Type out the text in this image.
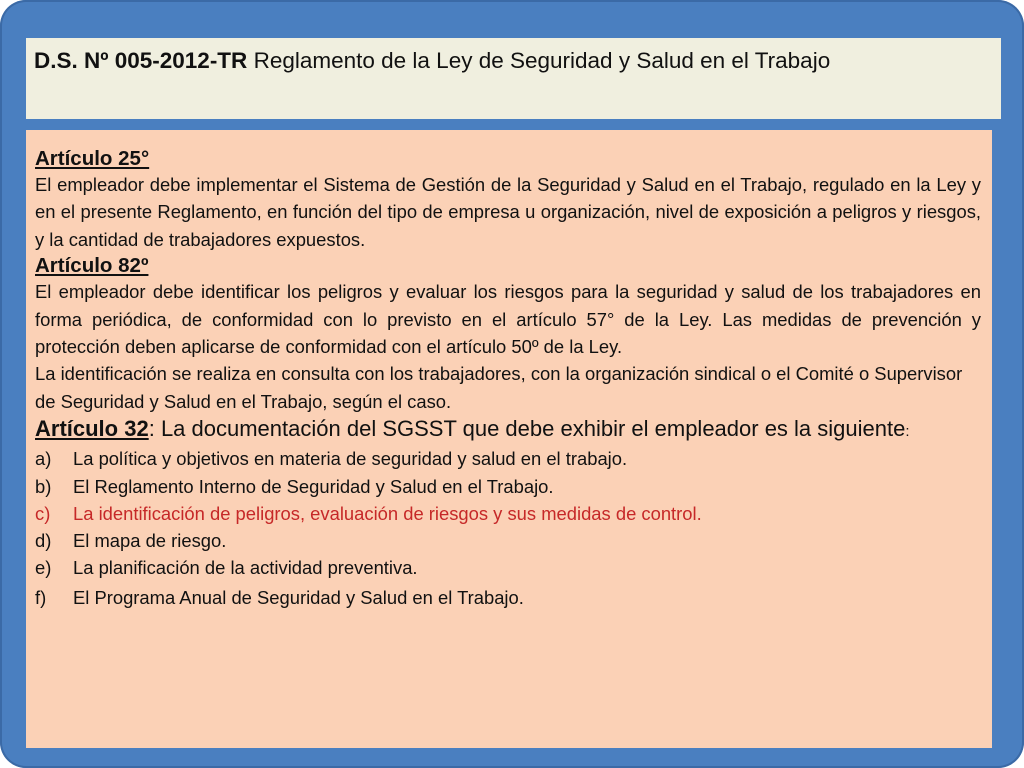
D.S. Nº 005-2012-TR Reglamento de la Ley de Seguridad y Salud en el Trabajo
Artículo 25°

El empleador debe implementar el Sistema de Gestión de la Seguridad y Salud en el Trabajo, regulado en la Ley y en el presente Reglamento, en función del tipo de empresa u organización, nivel de exposición a peligros y riesgos, y la cantidad de trabajadores expuestos.

Artículo 82º

El empleador debe identificar los peligros y evaluar los riesgos para la seguridad y salud de los trabajadores en forma periódica, de conformidad con lo previsto en el artículo 57° de la Ley. Las medidas de prevención y protección deben aplicarse de conformidad con el artículo 50º de la Ley.

La identificación se realiza en consulta con los trabajadores, con la organización sindical o el Comité o Supervisor de Seguridad y Salud en el Trabajo, según el caso.

Artículo 32: La documentación del SGSST que debe exhibir el empleador es la siguiente:

a)	La política y objetivos en materia de seguridad y salud en el trabajo.
b)	El Reglamento Interno de Seguridad y Salud en el Trabajo.
c)	La identificación de peligros, evaluación de riesgos y sus medidas de control.
d)	El mapa de riesgo.
e)	La planificación de la actividad preventiva.
f)	El Programa Anual de Seguridad y Salud en el Trabajo.
